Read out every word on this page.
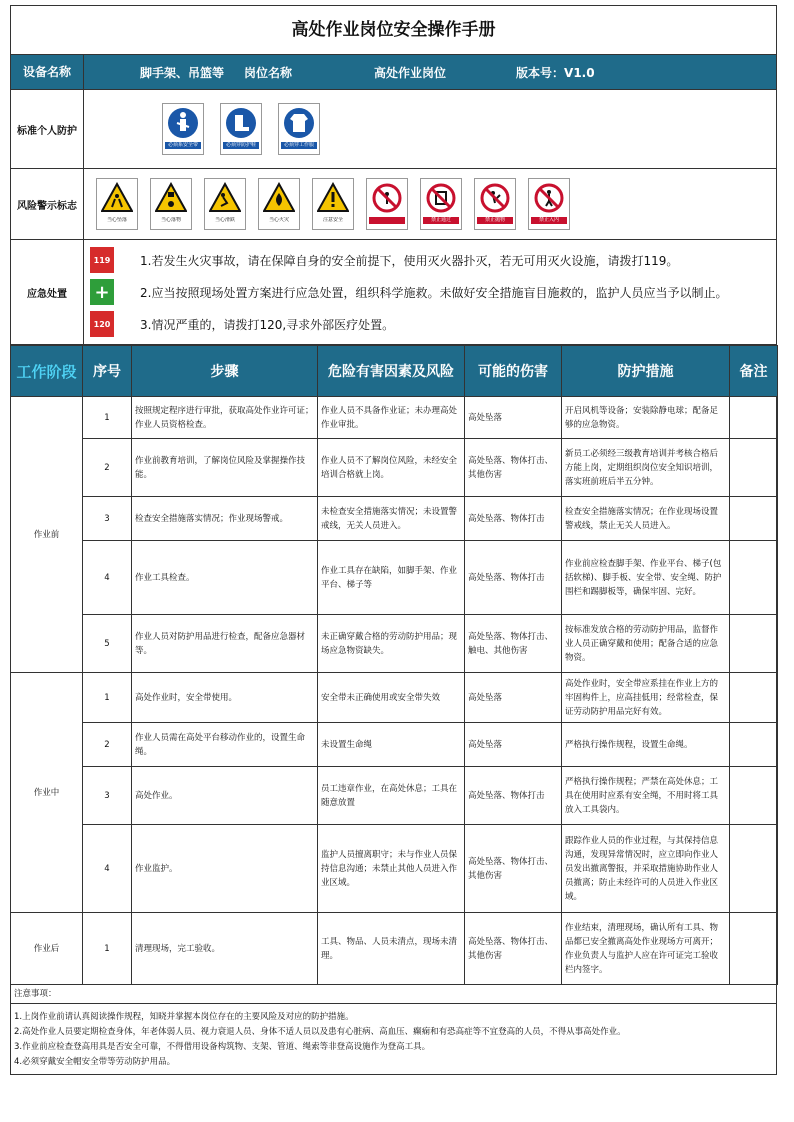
高处作业岗位安全操作手册
设备名称	脚手架、吊篮等 岗位名称	高处作业岗位	版本号：V1.0
标准个人防护
必须系安全带	必须穿防护鞋	必须穿工作服
风险警示标志
当心坠落	当心落物	当心滑跌	当心火灾	注意安全	禁止通过	禁止抛物	禁止入内
应急处置
119 1.若发生火灾事故，请在保障自身的安全前提下，使用灭火器扑灭，若无可用灭火设施，请拨打119。
+	2.应当按照现场处置方案进行应急处置，组织科学施救。未做好安全措施盲目施救的，监护人员应当予以制止。
120 3.情况严重的，请拨打120,寻求外部医疗处置。
工作阶段	序号	步骤	危险有害因素及风险	可能的伤害	防护措施	备注
作业前	1	按照规定程序进行审批，获取高处作业许可证；作业人员资格检查。	作业人员不具备作业证；未办理高处作业审批。	高处坠落	开启风机等设备；安装除静电球；配备足够的应急物资。	
	2	作业前教育培训，了解岗位风险及掌握操作技能。	作业人员不了解岗位风险，未经安全培训合格就上岗。	高处坠落、物体打击、其他伤害	新员工必须经三级教育培训并考核合格后方能上岗，定期组织岗位安全知识培训，落实班前班后半五分钟。	
	3	检查安全措施落实情况；作业现场警戒。	未检查安全措施落实情况；未设置警戒线，无关人员进入。	高处坠落、物体打击	检查安全措施落实情况；在作业现场设置警戒线，禁止无关人员进入。	
	4	作业工具检查。	作业工具存在缺陷，如脚手架、作业平台、梯子等	高处坠落、物体打击	作业前应检查脚手架、作业平台、梯子(包括软梯)、脚手板、安全带、安全绳、防护围栏和踢脚板等，确保牢固、完好。	
	5	作业人员对防护用品进行检查，配备应急器材等。	未正确穿戴合格的劳动防护用品；现场应急物资缺失。	高处坠落、物体打击、触电、其他伤害	按标准发放合格的劳动防护用品，监督作业人员正确穿戴和使用；配备合适的应急物资。	
作业中	1	高处作业时，安全带使用。	安全带未正确使用或安全带失效	高处坠落	高处作业时，安全带应系挂在作业上方的牢固构件上，应高挂低用；经常检查，保证劳动防护用品完好有效。	
	2	作业人员需在高处平台移动作业的，设置生命绳。	未设置生命绳	高处坠落	严格执行操作规程，设置生命绳。	
	3	高处作业。	员工违章作业，在高处休息；工具在随意放置	高处坠落、物体打击	严格执行操作规程；严禁在高处休息；工具在使用时应系有安全绳，不用时将工具放入工具袋内。	
	4	作业监护。	监护人员擅离职守；未与作业人员保持信息沟通；未禁止其他人员进入作业区域。	高处坠落、物体打击、其他伤害	跟踪作业人员的作业过程，与其保持信息沟通，发现异常情况时，应立即向作业人员发出撤离警报，并采取措施协助作业人员撤离；防止未经许可的人员进入作业区域。	
作业后	1	清理现场，完工验收。	工具、物品、人员未清点，现场未清理。	高处坠落、物体打击、其他伤害	作业结束，清理现场，确认所有工具、物品都已安全撤离高处作业现场方可离开；作业负责人与监护人应在许可证完工验收栏内签字。	
注意事项：
1.上岗作业前请认真阅读操作规程，知晓并掌握本岗位存在的主要风险及对应的防护措施。
2.高处作业人员要定期检查身体，年老体弱人员、视力衰退人员、身体不适人员以及患有心脏病、高血压、癫痫和有恐高症等不宜登高的人员，不得从事高处作业。
3.作业前应检查登高用具是否安全可靠，不得借用设备构筑物、支架、管道、绳索等非登高设施作为登高工具。
4.必须穿戴安全帽安全带等劳动防护用品。
